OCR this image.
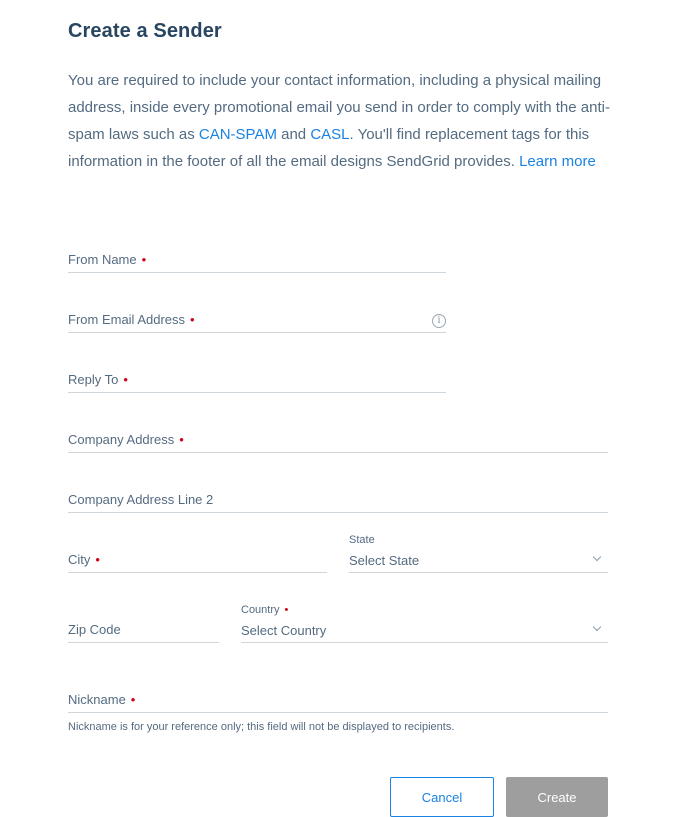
Create a Sender

You are required to include your contact information, including a physical mailing address, inside every promotional email you send in order to comply with the anti-spam laws such as CAN-SPAM and CASL. You'll find replacement tags for this information in the footer of all the email designs SendGrid provides. Learn more

From Name •
From Email Address •	i
Reply To •
Company Address •
Company Address Line 2
City •
State
Select State
Zip Code
Country •
Select Country
Nickname •

Nickname is for your reference only; this field will not be displayed to recipients.

Cancel	Create
